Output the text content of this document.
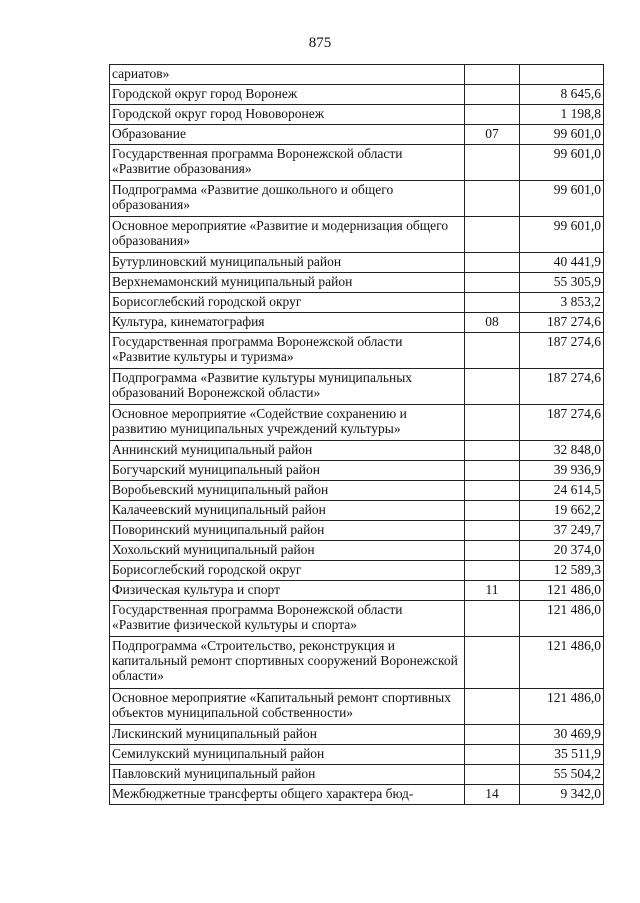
875
сариатов»		
Городской округ город Воронеж		8 645,6
Городской округ город Нововоронеж		1 198,8
Образование	07	99 601,0
Государственная программа Воронежской области «Развитие образования»		99 601,0
Подпрограмма «Развитие дошкольного и общего образования»		99 601,0
Основное мероприятие «Развитие и модернизация общего образования»		99 601,0
Бутурлиновский муниципальный район		40 441,9
Верхнемамонский муниципальный район		55 305,9
Борисоглебский городской округ		3 853,2
Культура, кинематография	08	187 274,6
Государственная программа Воронежской области «Развитие культуры и туризма»		187 274,6
Подпрограмма «Развитие культуры муниципальных образований Воронежской области»		187 274,6
Основное мероприятие «Содействие сохранению и развитию муниципальных учреждений культуры»		187 274,6
Аннинский муниципальный район		32 848,0
Богучарский муниципальный район		39 936,9
Воробьевский муниципальный район		24 614,5
Калачеевский муниципальный район		19 662,2
Поворинский муниципальный район		37 249,7
Хохольский муниципальный район		20 374,0
Борисоглебский городской округ		12 589,3
Физическая культура и спорт	11	121 486,0
Государственная программа Воронежской области «Развитие физической культуры и спорта»		121 486,0
Подпрограмма «Строительство, реконструкция и капитальный ремонт спортивных сооружений Воронежской области»		121 486,0
Основное мероприятие «Капитальный ремонт спортивных объектов муниципальной собственности»		121 486,0
Лискинский муниципальный район		30 469,9
Семилукский муниципальный район		35 511,9
Павловский муниципальный район		55 504,2
Межбюджетные трансферты общего характера бюд-	14	9 342,0
